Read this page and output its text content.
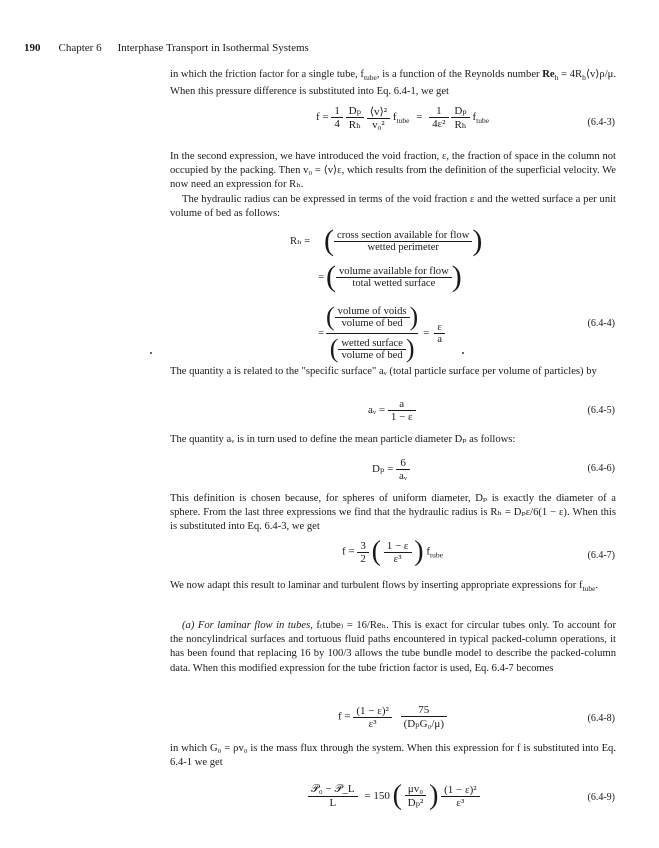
190 Chapter 6 Interphase Transport in Isothermal Systems
in which the friction factor for a single tube, $f_{tube}$, is a function of the Reynolds number $Re_h$ = $4R_h⟨v⟩\rho/\mu$. When this pressure difference is substituted into Eq. 6.4-1, we get
$f = \frac{1}{4}$
$\frac{\text{Dₚ}}{\text{Rₕ}}$
$\frac{\text{⟨v⟩²}}{\text{v₀²}} f_{tube} = \frac{1}{\text{4ε²}}$
$\frac{\text{Dₚ}}{\text{Rₕ}} f_{tube}$	(6.4-3)
In the second expression, we have introduced the void fraction, ε, the fraction of space in the column not occupied by the packing. Then v₀ = ⟨v⟩ε, which results from the definition of the superficial velocity. We now need an expression for Rₕ.
The hydraulic radius can be expressed in terms of the void fraction ε and the wetted surface a per unit volume of bed as follows:
Rₕ = ( $\frac{\text{cross section available for flow}}{\text{wetted perimeter}}$ )
= ( $\frac{\text{volume available for flow}}{\text{total wetted surface}}$ )
=
( $\frac{\text{volume of voids}}{\text{volume of bed}}$ )
( $\frac{\text{wetted surface}}{\text{volume of bed}}$ )
= $\frac{\varepsilon}{a}$	(6.4-4)
The quantity a is related to the "specific surface" aᵥ (total particle surface per volume of particles) by
aᵥ = $\frac{a}{1 - \varepsilon}$	(6.4-5)
The quantity aᵥ is in turn used to define the mean particle diameter Dₚ as follows:
$D_p = \frac{6}{\text{aᵥ}}$	(6.4-6)
This definition is chosen because, for spheres of uniform diameter, Dₚ is exactly the diameter of a sphere. From the last three expressions we find that the hydraulic radius is Rₕ = Dₚε/6(1 − ε). When this is substituted into Eq. 6.4-3, we get
$f = \frac{3}{2}$ ( $\frac{1 - \varepsilon}{\text{ε³}}$ ) $f_{tube}$	(6.4-7)
We now adapt this result to laminar and turbulent flows by inserting appropriate expressions for $f_{tube}$.
(a) For laminar flow in tubes, f₍tube₎ = 16/Reₕ. This is exact for circular tubes only. To account for the noncylindrical surfaces and tortuous fluid paths encountered in typical packed-column operations, it has been found that replacing 16 by 100/3 allows the tube bundle model to describe the packed-column data. When this modified expression for the tube friction factor is used, Eq. 6.4-7 becomes
$f = \frac{\text{(1 − ε)²}}{\text{ε³}}$
$\frac{75}{\text{(DₚG₀/μ)}}$	(6.4-8)
in which G₀ = ρv₀ is the mass flux through the system. When this expression for f is substituted into Eq. 6.4-1 we get
$\frac{\text{𝒫₀ − 𝒫\_L}}{L} = 150$ ( $\frac{\text{μv₀}}{\text{Dₚ²}}$ ) $\frac{\text{(1 − ε)²}}{\text{ε³}}$	(6.4-9)
